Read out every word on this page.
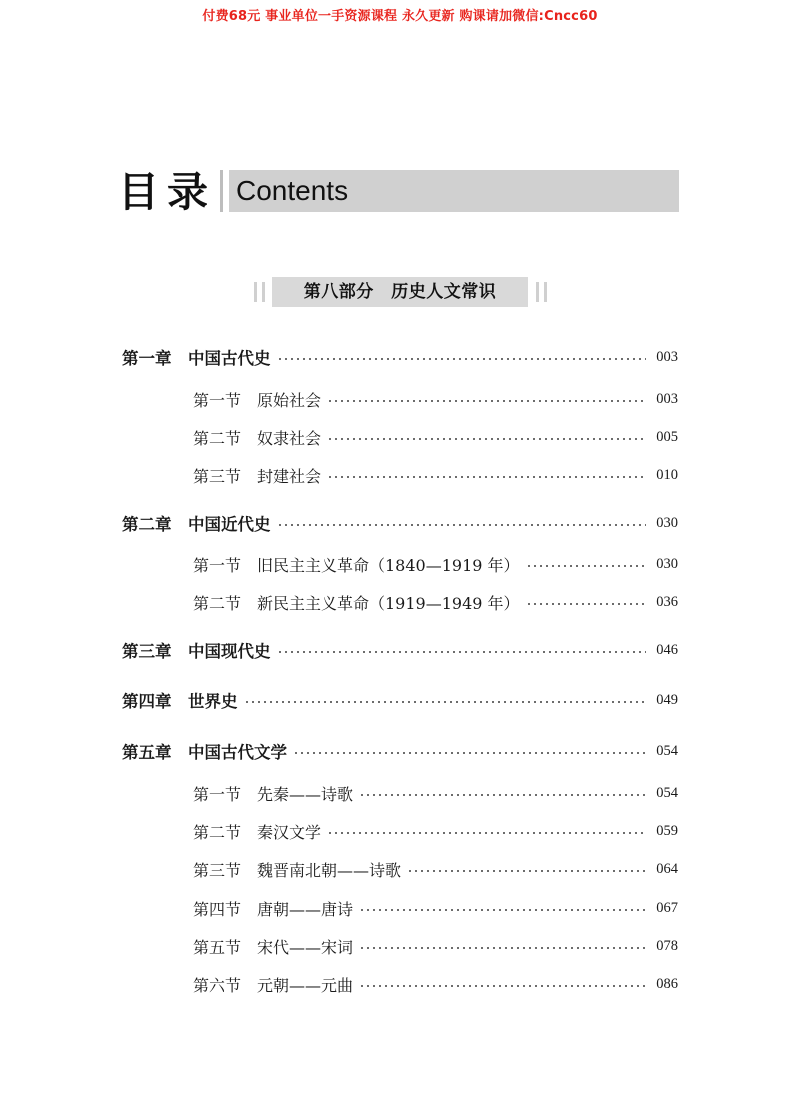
付费68元 事业单位一手资源课程 永久更新 购课请加微信:Cncc60
目录 Contents
第八部分　历史人文常识
第一章　中国古代史	003
第一节　原始社会	003
第二节　奴隶社会	005
第三节　封建社会	010
第二章　中国近代史	030
第一节　旧民主主义革命（1840—1919 年）	030
第二节　新民主主义革命（1919—1949 年）	036
第三章　中国现代史	046
第四章　世界史	049
第五章　中国古代文学	054
第一节　先秦——诗歌	054
第二节　秦汉文学	059
第三节　魏晋南北朝——诗歌	064
第四节　唐朝——唐诗	067
第五节　宋代——宋词	078
第六节　元朝——元曲	086
